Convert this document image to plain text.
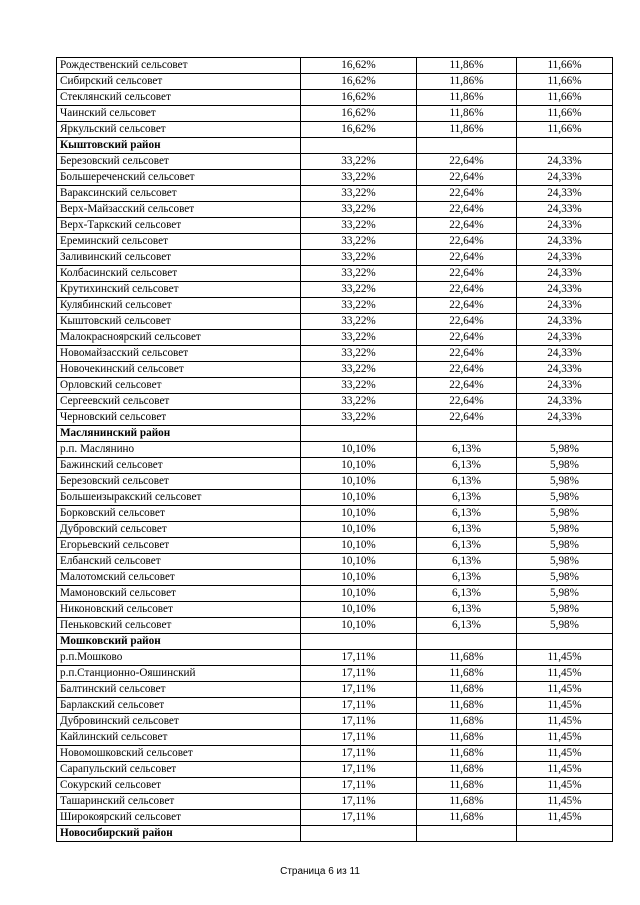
Рождественский сельсовет	16,62%	11,86%	11,66%
Сибирский сельсовет	16,62%	11,86%	11,66%
Стеклянский сельсовет	16,62%	11,86%	11,66%
Чаинский сельсовет	16,62%	11,86%	11,66%
Яркульский сельсовет	16,62%	11,86%	11,66%
Кыштовский район			
Березовский сельсовет	33,22%	22,64%	24,33%
Большереченский сельсовет	33,22%	22,64%	24,33%
Вараксинский сельсовет	33,22%	22,64%	24,33%
Верх-Майзасский сельсовет	33,22%	22,64%	24,33%
Верх-Таркский сельсовет	33,22%	22,64%	24,33%
Ереминский сельсовет	33,22%	22,64%	24,33%
Заливинский сельсовет	33,22%	22,64%	24,33%
Колбасинский сельсовет	33,22%	22,64%	24,33%
Крутихинский сельсовет	33,22%	22,64%	24,33%
Кулябинский сельсовет	33,22%	22,64%	24,33%
Кыштовский сельсовет	33,22%	22,64%	24,33%
Малокрасноярский сельсовет	33,22%	22,64%	24,33%
Новомайзасский сельсовет	33,22%	22,64%	24,33%
Новочекинский сельсовет	33,22%	22,64%	24,33%
Орловский сельсовет	33,22%	22,64%	24,33%
Сергеевский сельсовет	33,22%	22,64%	24,33%
Черновский сельсовет	33,22%	22,64%	24,33%
Маслянинский район			
р.п. Маслянино	10,10%	6,13%	5,98%
Бажинский сельсовет	10,10%	6,13%	5,98%
Березовский сельсовет	10,10%	6,13%	5,98%
Большеизыракский сельсовет	10,10%	6,13%	5,98%
Борковский сельсовет	10,10%	6,13%	5,98%
Дубровский сельсовет	10,10%	6,13%	5,98%
Егорьевский сельсовет	10,10%	6,13%	5,98%
Елбанский сельсовет	10,10%	6,13%	5,98%
Малотомский сельсовет	10,10%	6,13%	5,98%
Мамоновский сельсовет	10,10%	6,13%	5,98%
Никоновский сельсовет	10,10%	6,13%	5,98%
Пеньковский сельсовет	10,10%	6,13%	5,98%
Мошковский район			
р.п.Мошково	17,11%	11,68%	11,45%
р.п.Станционно-Ояшинский	17,11%	11,68%	11,45%
Балтинский сельсовет	17,11%	11,68%	11,45%
Барлакский сельсовет	17,11%	11,68%	11,45%
Дубровинский сельсовет	17,11%	11,68%	11,45%
Кайлинский сельсовет	17,11%	11,68%	11,45%
Новомошковский сельсовет	17,11%	11,68%	11,45%
Сарапульский сельсовет	17,11%	11,68%	11,45%
Сокурский сельсовет	17,11%	11,68%	11,45%
Ташаринский сельсовет	17,11%	11,68%	11,45%
Широкоярский сельсовет	17,11%	11,68%	11,45%
Новосибирский район			
Страница 6 из 11
